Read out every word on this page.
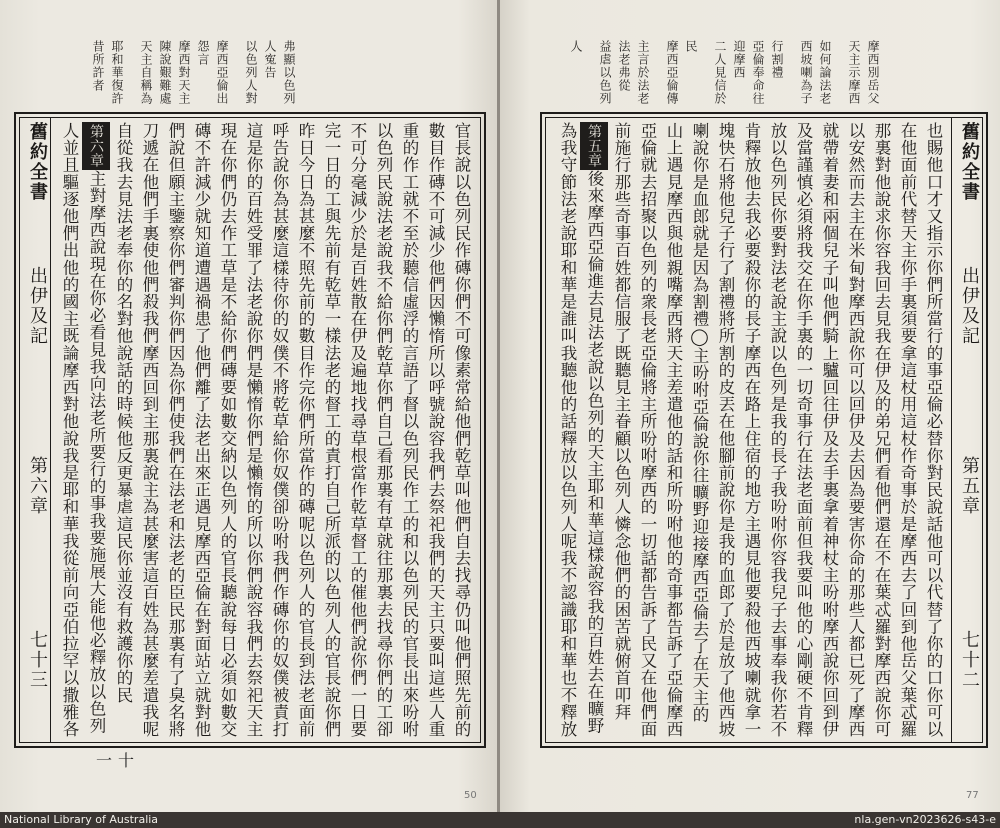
弗顯以色列

人寃告

以色列人對

摩西亞倫出

怨言

摩西對天主

陳說艱難處

天主自稱為

耶和華復許

昔所許者

官長說以色列民作磚你們不可像素常給他們乾草叫他們自去找尋仍叫他們照先前的數目作磚不可減少他們因懶惰所以呼號說容我們去祭祀我們的天主只要叫這些人重重的作工就不至於聽信虛浮的言語了督以色列民作工的和以色列民的官長出來吩咐以色列民說法老說我不給你們乾草你們自己看那裏有草就往那裏去找尋你們的工卻不可分毫減少於是百姓散在伊及遍地找尋草根當作乾草督工的催他們說你們一日要完一日的工與先前有乾草一樣法老的督工的責打自己所派的以色列人的官長說你們昨日今日為甚麼不照先前的數目作完你們所當作的磚呢以色列人的官長到法老面前呼告說你為甚麼這樣待你的奴僕不將乾草給你奴僕卻吩咐我們作磚你的奴僕被責打這是你的百姓受罪了法老說你們是懶惰你們是懶惰的所以你們說容我們去祭祀天主現在你們仍去作工草是不給你們磚要如數交納以色列人的官長聽說每日必須如數交磚不許減少就知道遭遇禍患了他們離了法老出來正遇見摩西亞倫在對面站立就對他們說但願主鑒察你們審判你們因為你們使我們在法老和法老的臣民那裏有了臭名將刀遞在他們手裏使他們殺我們摩西回到主那裏說主為甚麼害這百姓為甚麼差遣我呢自從我去見法老奉你的名對他說話的時候他反更暴虐這民你並沒有救護你的民

第六章主對摩西說現在你必看見我向法老所要行的事我要施展大能他必釋放以色列人並且驅逐他們出他的國主既論摩西對他說我是耶和華我從前向亞伯拉罕以撒雅各

舊約全書
出伊及記
第六章
七十三
一十
50

摩西別岳父

天主示摩西

如何論法老

西坡喇為子

行割禮

亞倫奉命往

迎摩西

二人見信於

民

摩西亞倫傳

主言於法老

法老弗從

益虐以色列

人

也賜他口才又指示你們所當行的事亞倫必替你對民說話他可以代替了你的口你可以在他面前代替天主你手裏須要拿這杖用這杖作奇事於是摩西去了回到他岳父葉忒羅那裏對他說求你容我回去見我在伊及的弟兄們看他們還在不在葉忒羅對摩西說你可以安然而去主在米甸對摩西說你可以回伊及去因為要害你命的那些人都已死了摩西就帶着妻和兩個兒子叫他們騎上驢回往伊及去手裏拿着神杖主吩咐摩西說你回到伊及當謹慎必須將我交在你手裏的一切奇事行在法老面前但我要叫他的心剛硬不肯釋放以色列民你要對法老說主說以色列是我的長子我吩咐你容我兒子去事奉我你若不肯釋放他去我必要殺你的長子摩西在路上住宿的地方主遇見他要殺他西坡喇就拿一塊快石將他兒子行了割禮將所割的皮丟在他腳前說你是我的血郎了於是放了他西坡喇說你是血郎就是因為割禮◯主吩咐亞倫說你往曠野迎接摩西亞倫去了在天主的山上遇見摩西與他親嘴摩西將天主差遣他的話和所吩咐他的奇事都告訴了亞倫摩西亞倫就去招聚以色列的衆長老亞倫將主所吩咐摩西的一切話都告訴了民又在他們面前施行那些奇事百姓都信服了既聽見主眷顧以色列人憐念他們的困苦就俯首叩拜

第五章後來摩西亞倫進去見法老說以色列的天主耶和華這樣說容我的百姓去在曠野為我守節法老說耶和華是誰叫我聽他的話釋放以色列人呢我不認識耶和華也不釋放

舊約全書
出伊及記
第五章
七十二
77
National Library of Australia	nla.gen-vn2023626-s43-e
